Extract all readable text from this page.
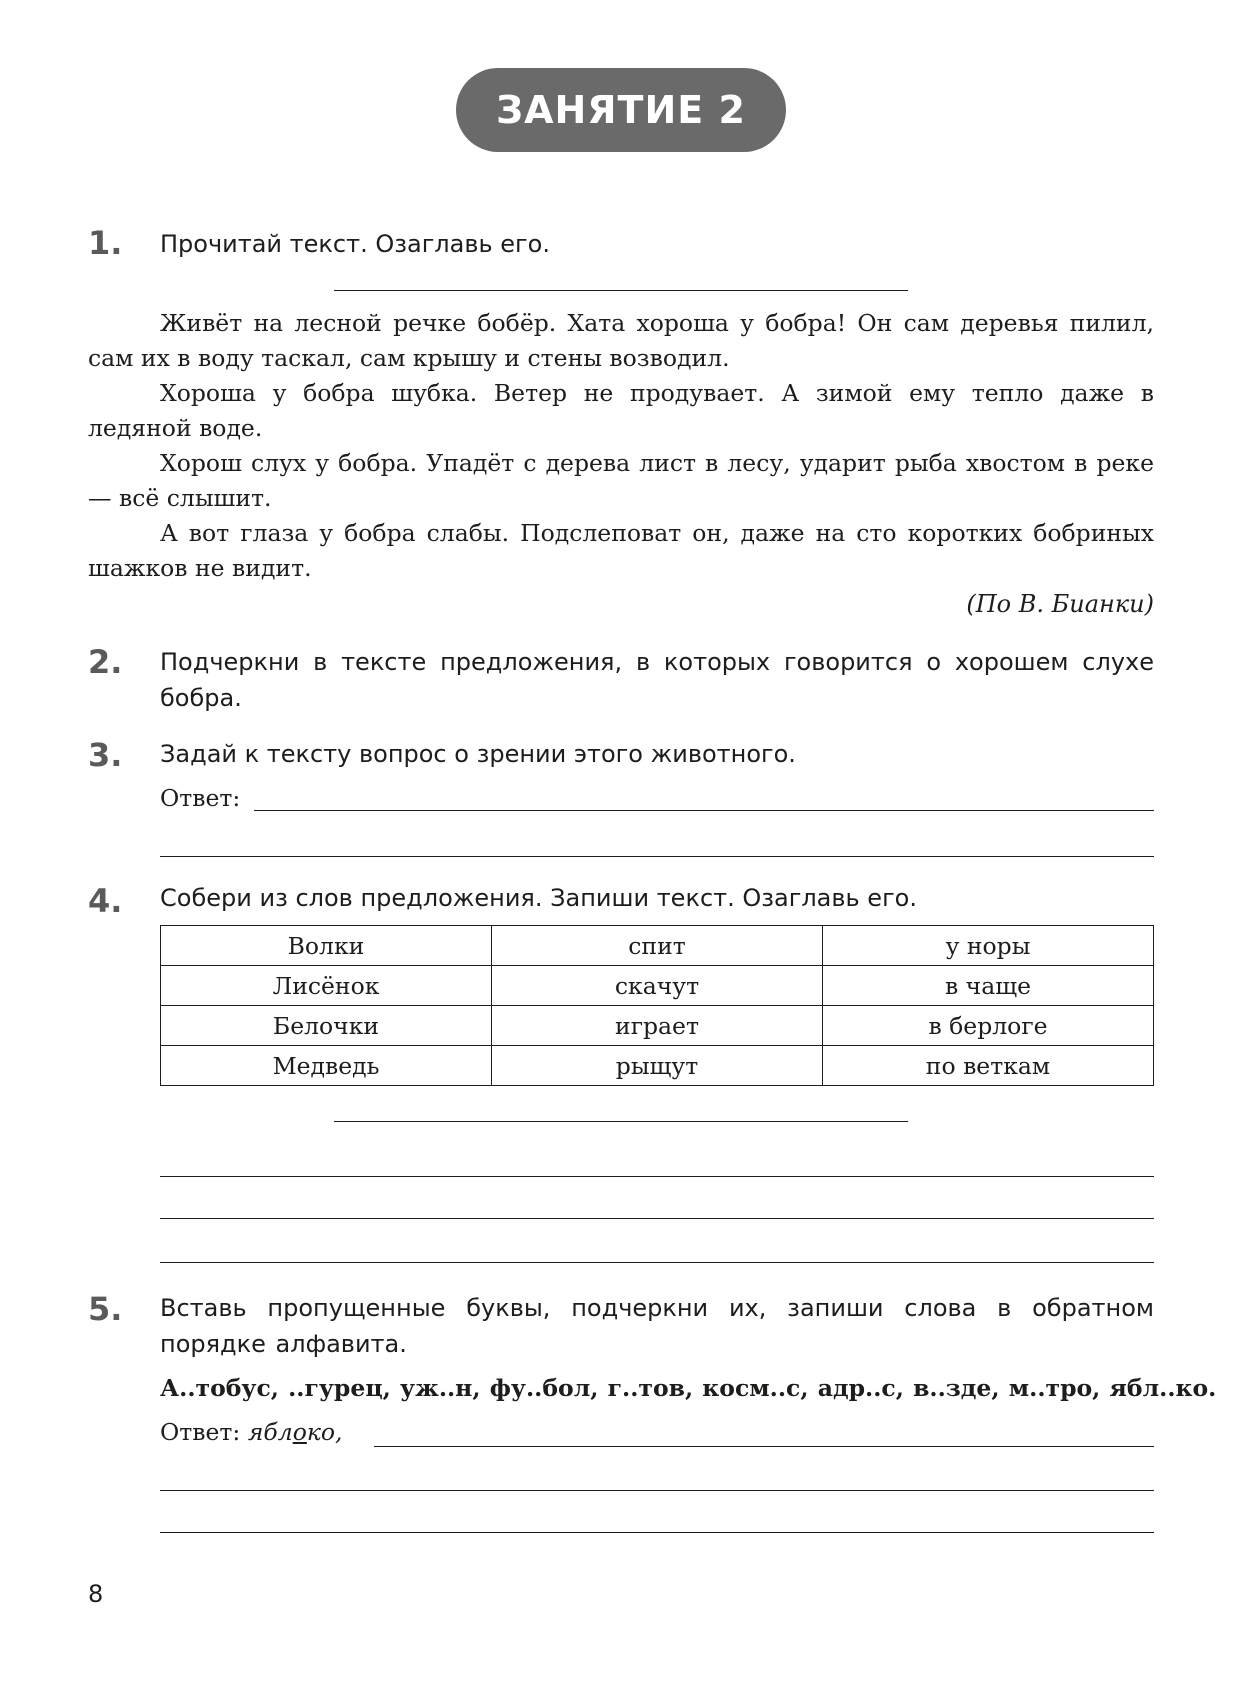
ЗАНЯТИЕ 2
1. Прочитай текст. Озаглавь его.

Живёт на лесной речке бобёр. Хата хороша у бобра! Он сам деревья пилил, сам их в воду таскал, сам крышу и стены возводил.

Хороша у бобра шубка. Ветер не продувает. А зимой ему тепло даже в ледяной воде.

Хорош слух у бобра. Упадёт с дерева лист в лесу, ударит рыба хвостом в реке — всё слышит.

А вот глаза у бобра слабы. Подслеповат он, даже на сто коротких бобриных шажков не видит.

(По В. Бианки)
2. Подчеркни в тексте предложения, в которых говорится о хорошем слухе бобра.
3. Задай к тексту вопрос о зрении этого животного.
Ответ:
4. Собери из слов предложения. Запиши текст. Озаглавь его.
Волки	спит	у норы
Лисёнок	скачут	в чаще
Белочки	играет	в берлоге
Медведь	рыщут	по веткам
5. Вставь пропущенные буквы, подчеркни их, запиши слова в обратном порядке алфавита.
А..тобус, ..гурец, уж..н, фу..бол, г..тов, косм..с, адр..с, в..зде, м..тро, ябл..ко.
Ответ: яблоко,
8
